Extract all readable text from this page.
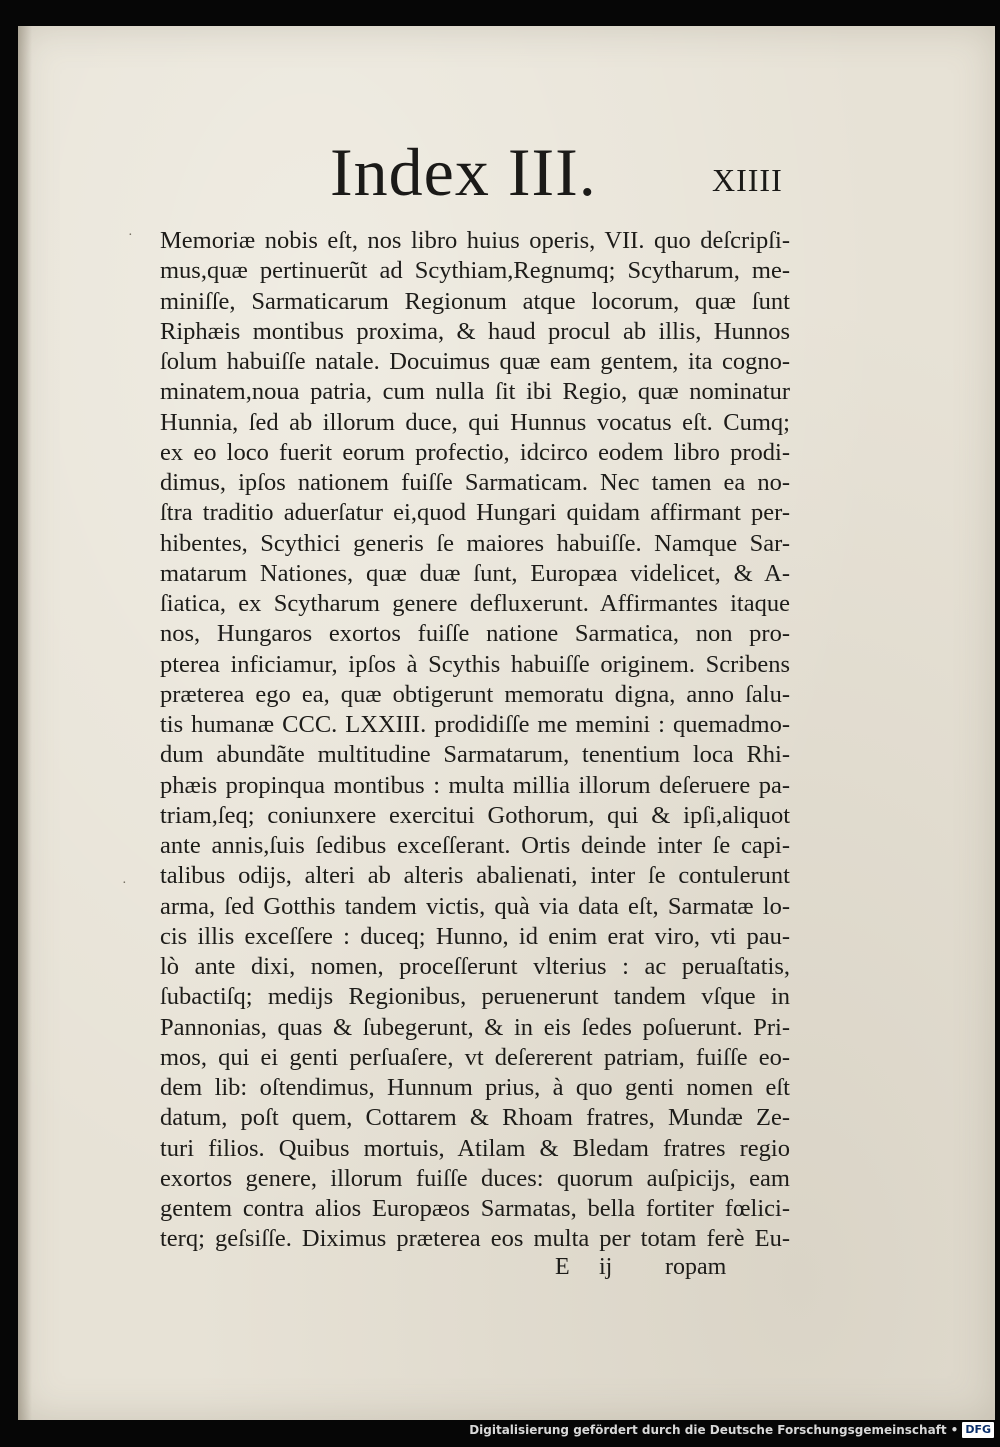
Index III.	XIIII
·
·
Memoriæ nobis eſt, nos libro huius operis, VII. quo deſcripſi-
mus,quæ pertinuerũt ad Scythiam,Regnumq; Scytharum, me-
miniſſe, Sarmaticarum Regionum atque locorum, quæ ſunt
Riphæis montibus proxima, & haud procul ab illis, Hunnos
ſolum habuiſſe natale. Docuimus quæ eam gentem, ita cogno-
minatem,noua patria, cum nulla ſit ibi Regio, quæ nominatur
Hunnia, ſed ab illorum duce, qui Hunnus vocatus eſt. Cumq;
ex eo loco fuerit eorum profectio, idcirco eodem libro prodi-
dimus, ipſos nationem fuiſſe Sarmaticam. Nec tamen ea no-
ſtra traditio aduerſatur ei,quod Hungari quidam affirmant per-
hibentes, Scythici generis ſe maiores habuiſſe. Namque Sar-
matarum Nationes, quæ duæ ſunt, Europæa videlicet, & A-
ſiatica, ex Scytharum genere defluxerunt. Affirmantes itaque
nos, Hungaros exortos fuiſſe natione Sarmatica, non pro-
pterea inficiamur, ipſos à Scythis habuiſſe originem. Scribens
præterea ego ea, quæ obtigerunt memoratu digna, anno ſalu-
tis humanæ CCC. LXXIII. prodidiſſe me memini : quemadmo-
dum abundãte multitudine Sarmatarum, tenentium loca Rhi-
phæis propinqua montibus : multa millia illorum deſeruere pa-
triam,ſeq; coniunxere exercitui Gothorum, qui & ipſi,aliquot
ante annis,ſuis ſedibus exceſſerant. Ortis deinde inter ſe capi-
talibus odijs, alteri ab alteris abalienati, inter ſe contulerunt
arma, ſed Gotthis tandem victis, quà via data eſt, Sarmatæ lo-
cis illis exceſſere : duceq; Hunno, id enim erat viro, vti pau-
lò ante dixi, nomen, proceſſerunt vlterius : ac peruaſtatis,
ſubactiſq; medijs Regionibus, peruenerunt tandem vſque in
Pannonias, quas & ſubegerunt, & in eis ſedes poſuerunt. Pri-
mos, qui ei genti perſuaſere, vt deſererent patriam, fuiſſe eo-
dem lib: oſtendimus, Hunnum prius, à quo genti nomen eſt
datum, poſt quem, Cottarem & Rhoam fratres, Mundæ Ze-
turi filios. Quibus mortuis, Atilam & Bledam fratres regio
exortos genere, illorum fuiſſe duces: quorum auſpicijs, eam
gentem contra alios Europæos Sarmatas, bella fortiter fœlici-
terq; geſsiſſe. Diximus præterea eos multa per totam ferè Eu-
E ij ropam
Digitalisierung gefördert durch die Deutsche Forschungsgemeinschaft • DFG
